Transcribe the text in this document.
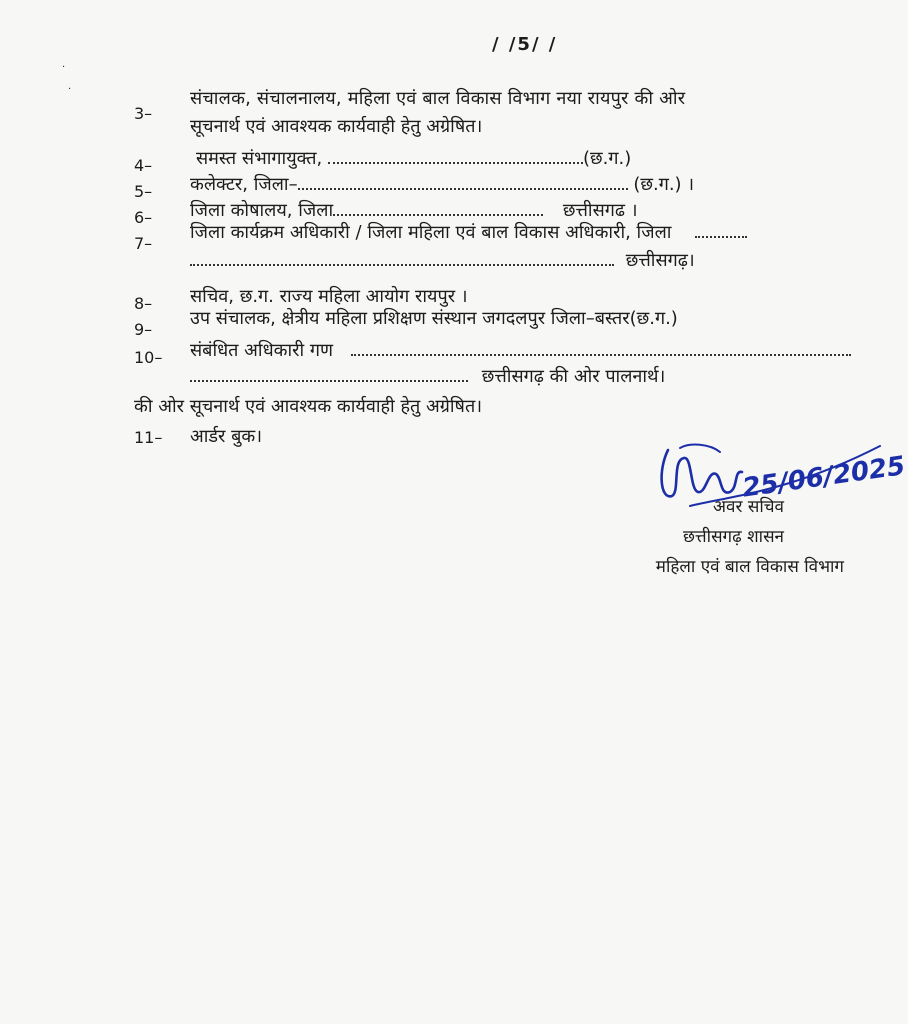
/ /5/ /
·
·
3–
संचालक, संचालनालय, महिला एवं बाल विकास विभाग नया रायपुर की ओर
सूचनार्थ एवं आवश्यक कार्यवाही हेतु अग्रेषित।
4– समस्त संभागायुक्त,	(छ.ग.)
5– कलेक्टर, जिला–	(छ.ग.) ।
6– जिला कोषालय, जिला	छत्तीसगढ ।
7–
जिला कार्यक्रम अधिकारी / जिला महिला एवं बाल विकास अधिकारी, जिला
छत्तीसगढ़।
8– सचिव, छ.ग. राज्य महिला आयोग रायपुर ।
9–
उप संचालक, क्षेत्रीय महिला प्रशिक्षण संस्थान जगदलपुर जिला–बस्तर(छ.ग.)
10– संबंधित अधिकारी गण
छत्तीसगढ़ की ओर पालनार्थ।
की ओर सूचनार्थ एवं आवश्यक कार्यवाही हेतु अग्रेषित।
11– आर्डर बुक।
अवर सचिव
छत्तीसगढ़ शासन
महिला एवं बाल विकास विभाग
25/06/2025
